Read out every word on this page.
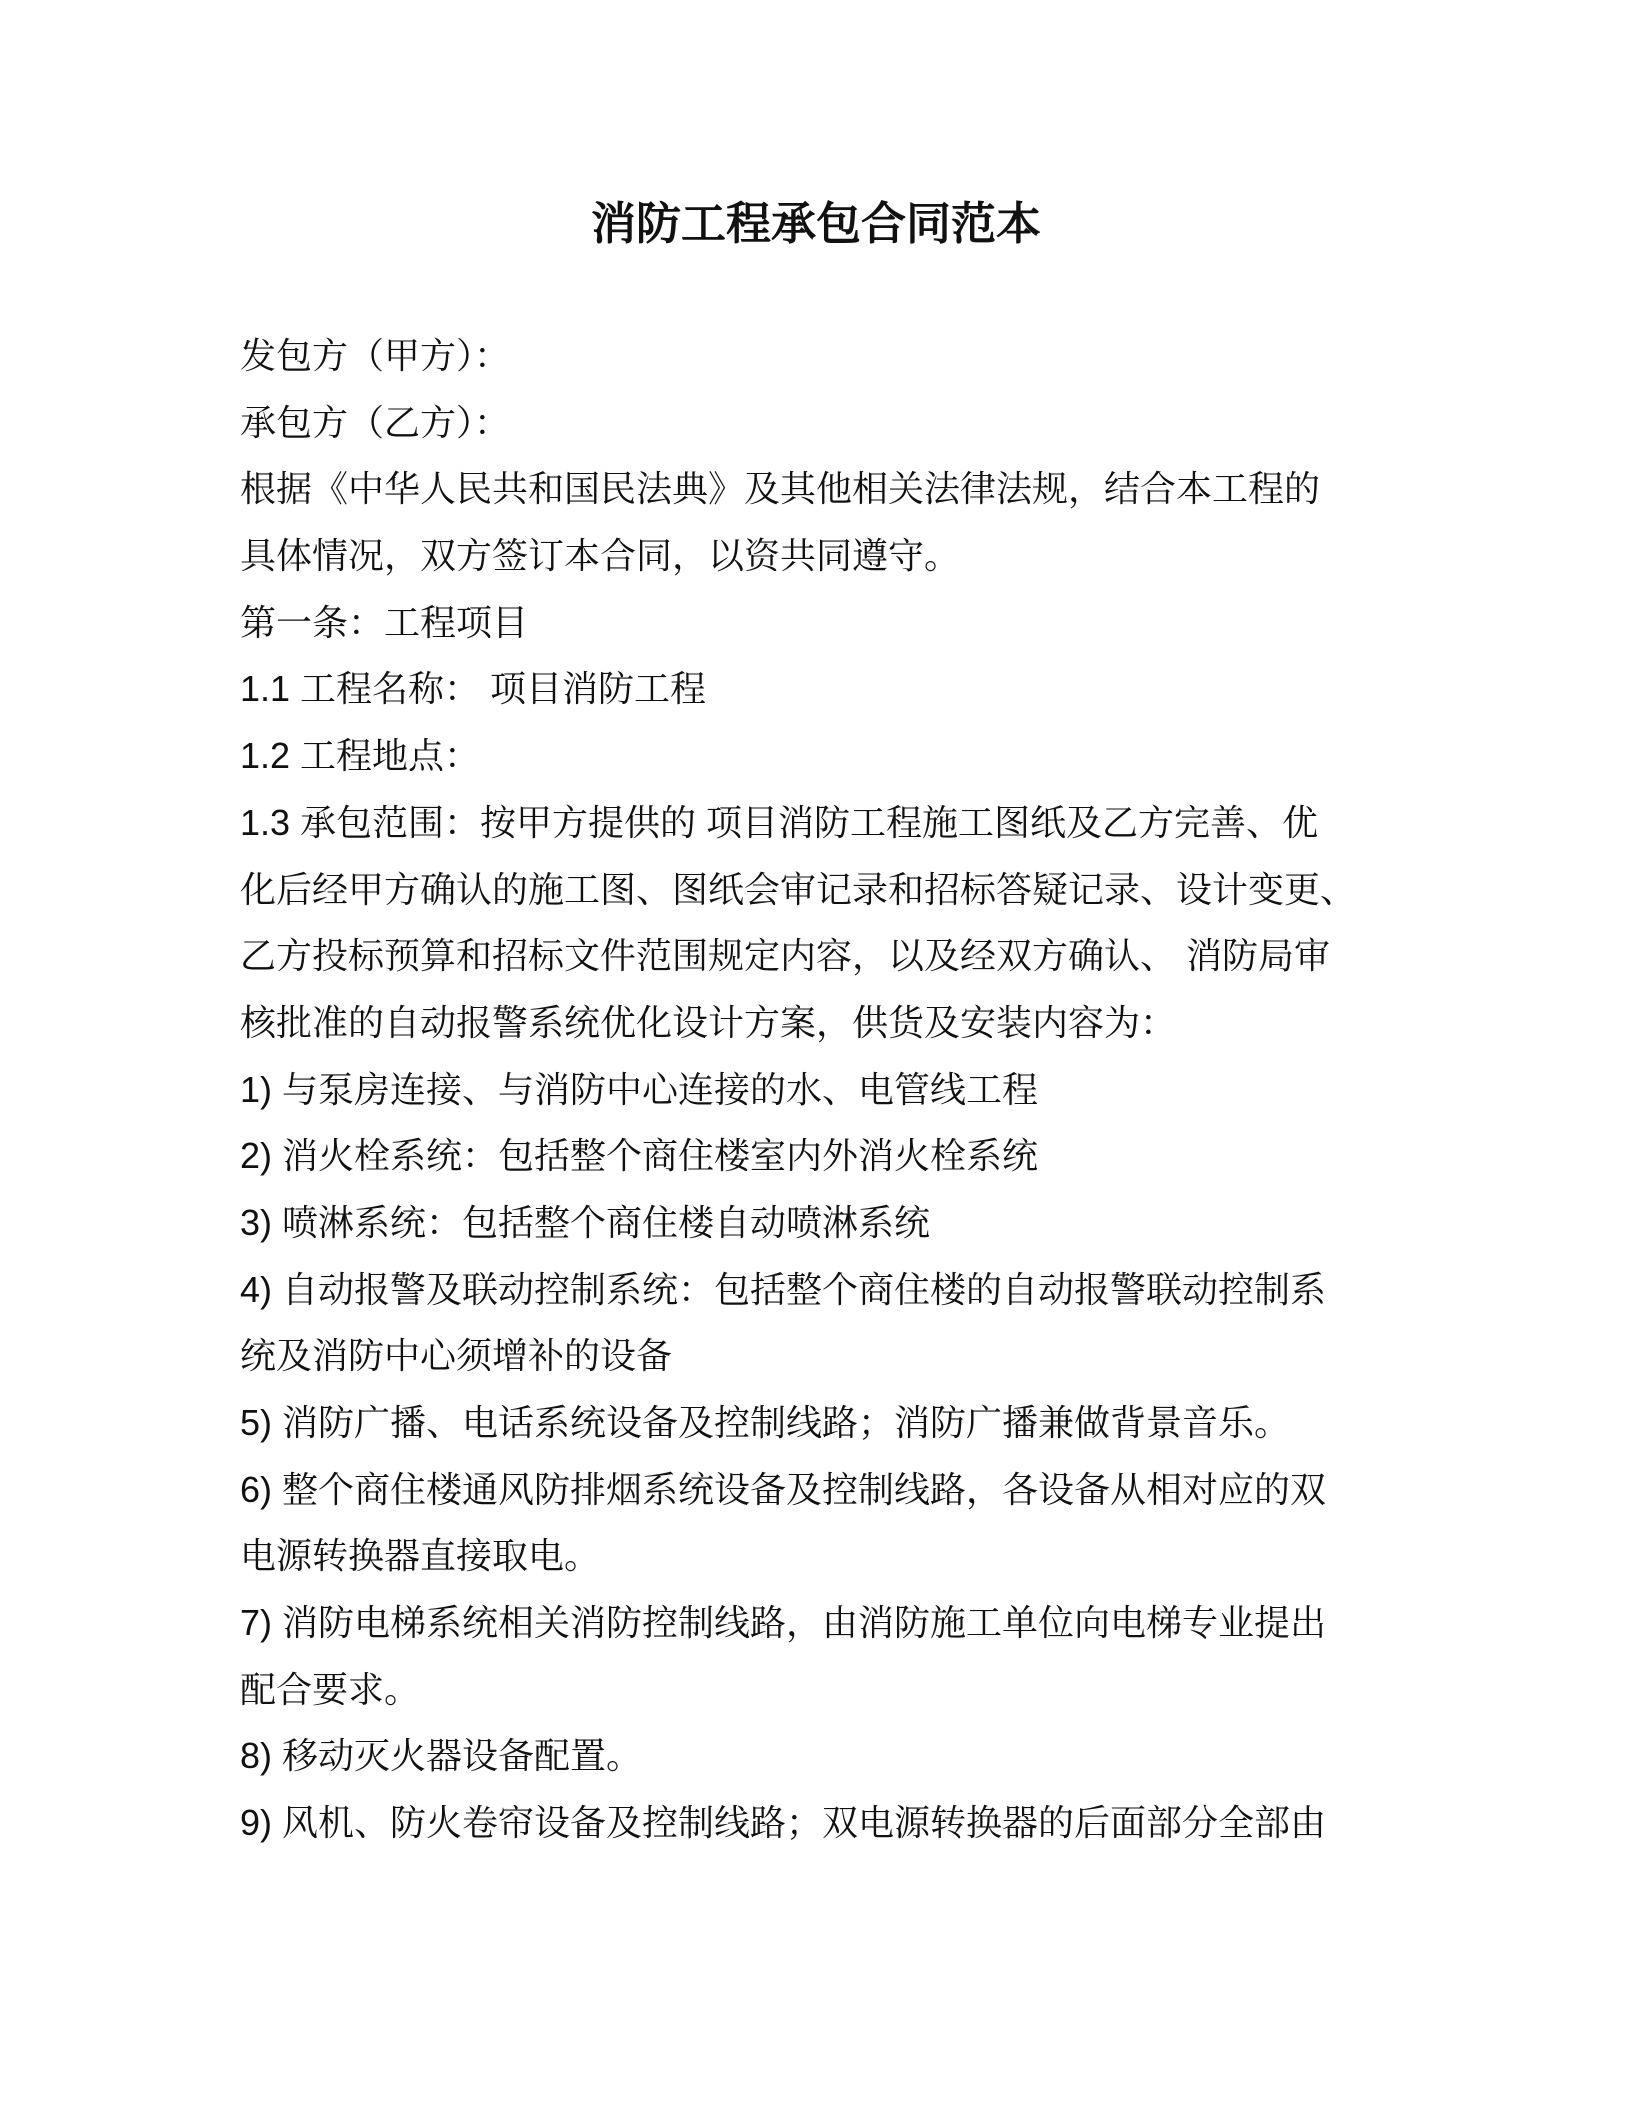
消防工程承包合同范本
发包方（甲方）：
承包方（乙方）：
根据《中华人民共和国民法典》及其他相关法律法规，结合本工程的
具体情况，双方签订本合同，以资共同遵守。
第一条：工程项目
1.1 工程名称： 项目消防工程
1.2 工程地点：
1.3 承包范围：按甲方提供的 项目消防工程施工图纸及乙方完善、优
化后经甲方确认的施工图、图纸会审记录和招标答疑记录、设计变更、
乙方投标预算和招标文件范围规定内容，以及经双方确认、 消防局审
核批准的自动报警系统优化设计方案，供货及安装内容为：
1) 与泵房连接、与消防中心连接的水、电管线工程
2) 消火栓系统：包括整个商住楼室内外消火栓系统
3) 喷淋系统：包括整个商住楼自动喷淋系统
4) 自动报警及联动控制系统：包括整个商住楼的自动报警联动控制系
统及消防中心须增补的设备
5) 消防广播、电话系统设备及控制线路；消防广播兼做背景音乐。
6) 整个商住楼通风防排烟系统设备及控制线路，各设备从相对应的双
电源转换器直接取电。
7) 消防电梯系统相关消防控制线路，由消防施工单位向电梯专业提出
配合要求。
8) 移动灭火器设备配置。
9) 风机、防火卷帘设备及控制线路；双电源转换器的后面部分全部由
